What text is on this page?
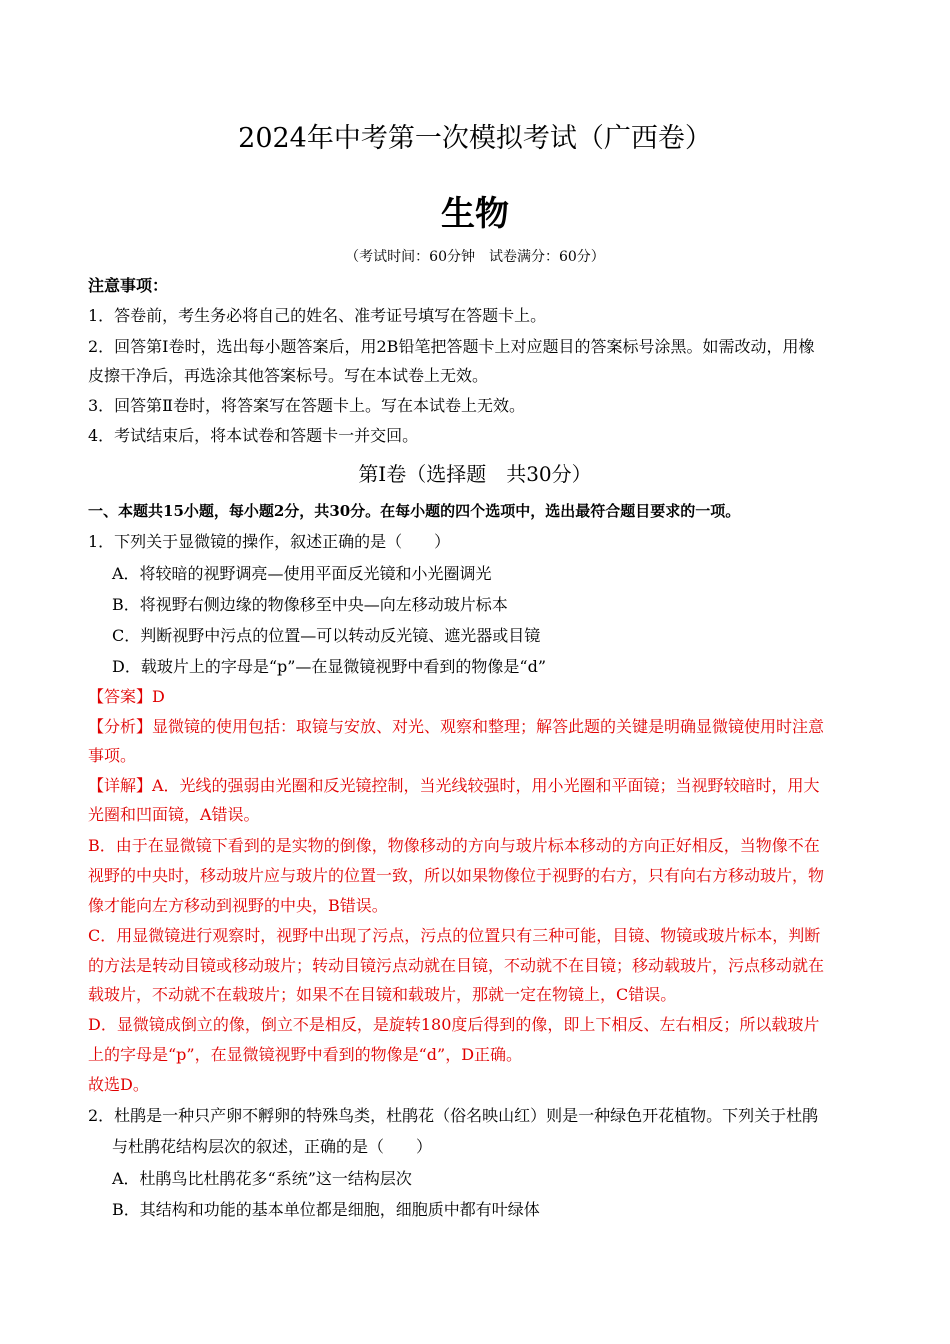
2024年中考第一次模拟考试（广西卷）
生物
（考试时间：60分钟　试卷满分：60分）
注意事项：
1．答卷前，考生务必将自己的姓名、准考证号填写在答题卡上。
2．回答第Ⅰ卷时，选出每小题答案后，用2B铅笔把答题卡上对应题目的答案标号涂黑。如需改动，用橡
皮擦干净后，再选涂其他答案标号。写在本试卷上无效。
3．回答第Ⅱ卷时，将答案写在答题卡上。写在本试卷上无效。
4．考试结束后，将本试卷和答题卡一并交回。
第Ⅰ卷（选择题　共30分）
一、本题共15小题，每小题2分，共30分。在每小题的四个选项中，选出最符合题目要求的一项。
1．下列关于显微镜的操作，叙述正确的是（　　）
A．将较暗的视野调亮—使用平面反光镜和小光圈调光
B．将视野右侧边缘的物像移至中央—向左移动玻片标本
C．判断视野中污点的位置—可以转动反光镜、遮光器或目镜
D．载玻片上的字母是“p”—在显微镜视野中看到的物像是“d”
【答案】D
【分析】显微镜的使用包括：取镜与安放、对光、观察和整理；解答此题的关键是明确显微镜使用时注意
事项。
【详解】A．光线的强弱由光圈和反光镜控制，当光线较强时，用小光圈和平面镜；当视野较暗时，用大
光圈和凹面镜，A错误。
B．由于在显微镜下看到的是实物的倒像，物像移动的方向与玻片标本移动的方向正好相反，当物像不在
视野的中央时，移动玻片应与玻片的位置一致，所以如果物像位于视野的右方，只有向右方移动玻片，物
像才能向左方移动到视野的中央，B错误。
C．用显微镜进行观察时，视野中出现了污点，污点的位置只有三种可能，目镜、物镜或玻片标本，判断
的方法是转动目镜或移动玻片；转动目镜污点动就在目镜，不动就不在目镜；移动载玻片，污点移动就在
载玻片，不动就不在载玻片；如果不在目镜和载玻片，那就一定在物镜上，C错误。
D．显微镜成倒立的像，倒立不是相反，是旋转180度后得到的像，即上下相反、左右相反；所以载玻片
上的字母是“p”，在显微镜视野中看到的物像是“d”，D正确。
故选D。
2．杜鹃是一种只产卵不孵卵的特殊鸟类，杜鹃花（俗名映山红）则是一种绿色开花植物。下列关于杜鹃
与杜鹃花结构层次的叙述，正确的是（　　）
A．杜鹃鸟比杜鹃花多“系统”这一结构层次
B．其结构和功能的基本单位都是细胞，细胞质中都有叶绿体
